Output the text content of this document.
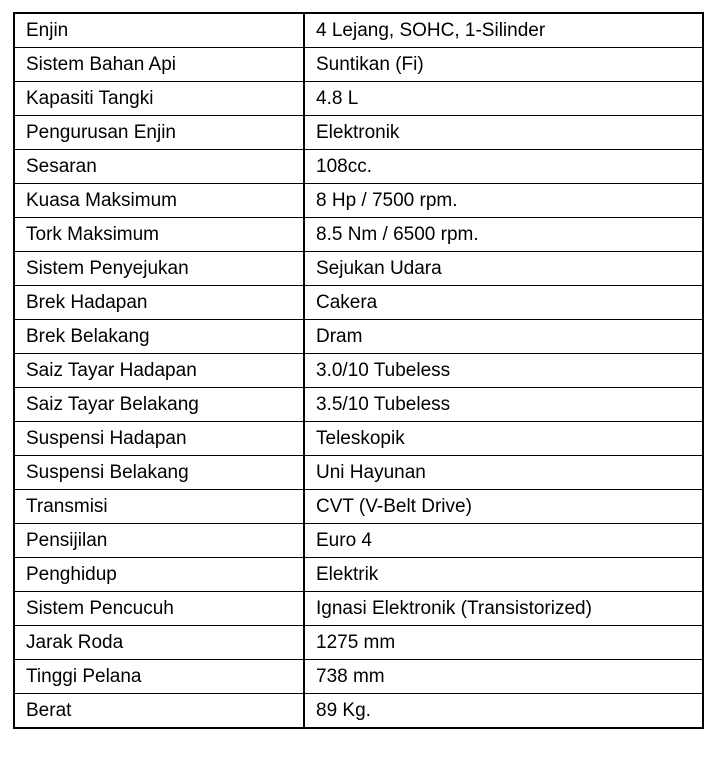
Enjin	4 Lejang, SOHC, 1-Silinder
Sistem Bahan Api	Suntikan (Fi)
Kapasiti Tangki	4.8 L
Pengurusan Enjin	Elektronik
Sesaran	108cc.
Kuasa Maksimum	8 Hp / 7500 rpm.
Tork Maksimum	8.5 Nm / 6500 rpm.
Sistem Penyejukan	Sejukan Udara
Brek Hadapan	Cakera
Brek Belakang	Dram
Saiz Tayar Hadapan	3.0/10 Tubeless
Saiz Tayar Belakang	3.5/10 Tubeless
Suspensi Hadapan	Teleskopik
Suspensi Belakang	Uni Hayunan
Transmisi	CVT (V-Belt Drive)
Pensijilan	Euro 4
Penghidup	Elektrik
Sistem Pencucuh	Ignasi Elektronik (Transistorized)
Jarak Roda	1275 mm
Tinggi Pelana	738 mm
Berat	89 Kg.
